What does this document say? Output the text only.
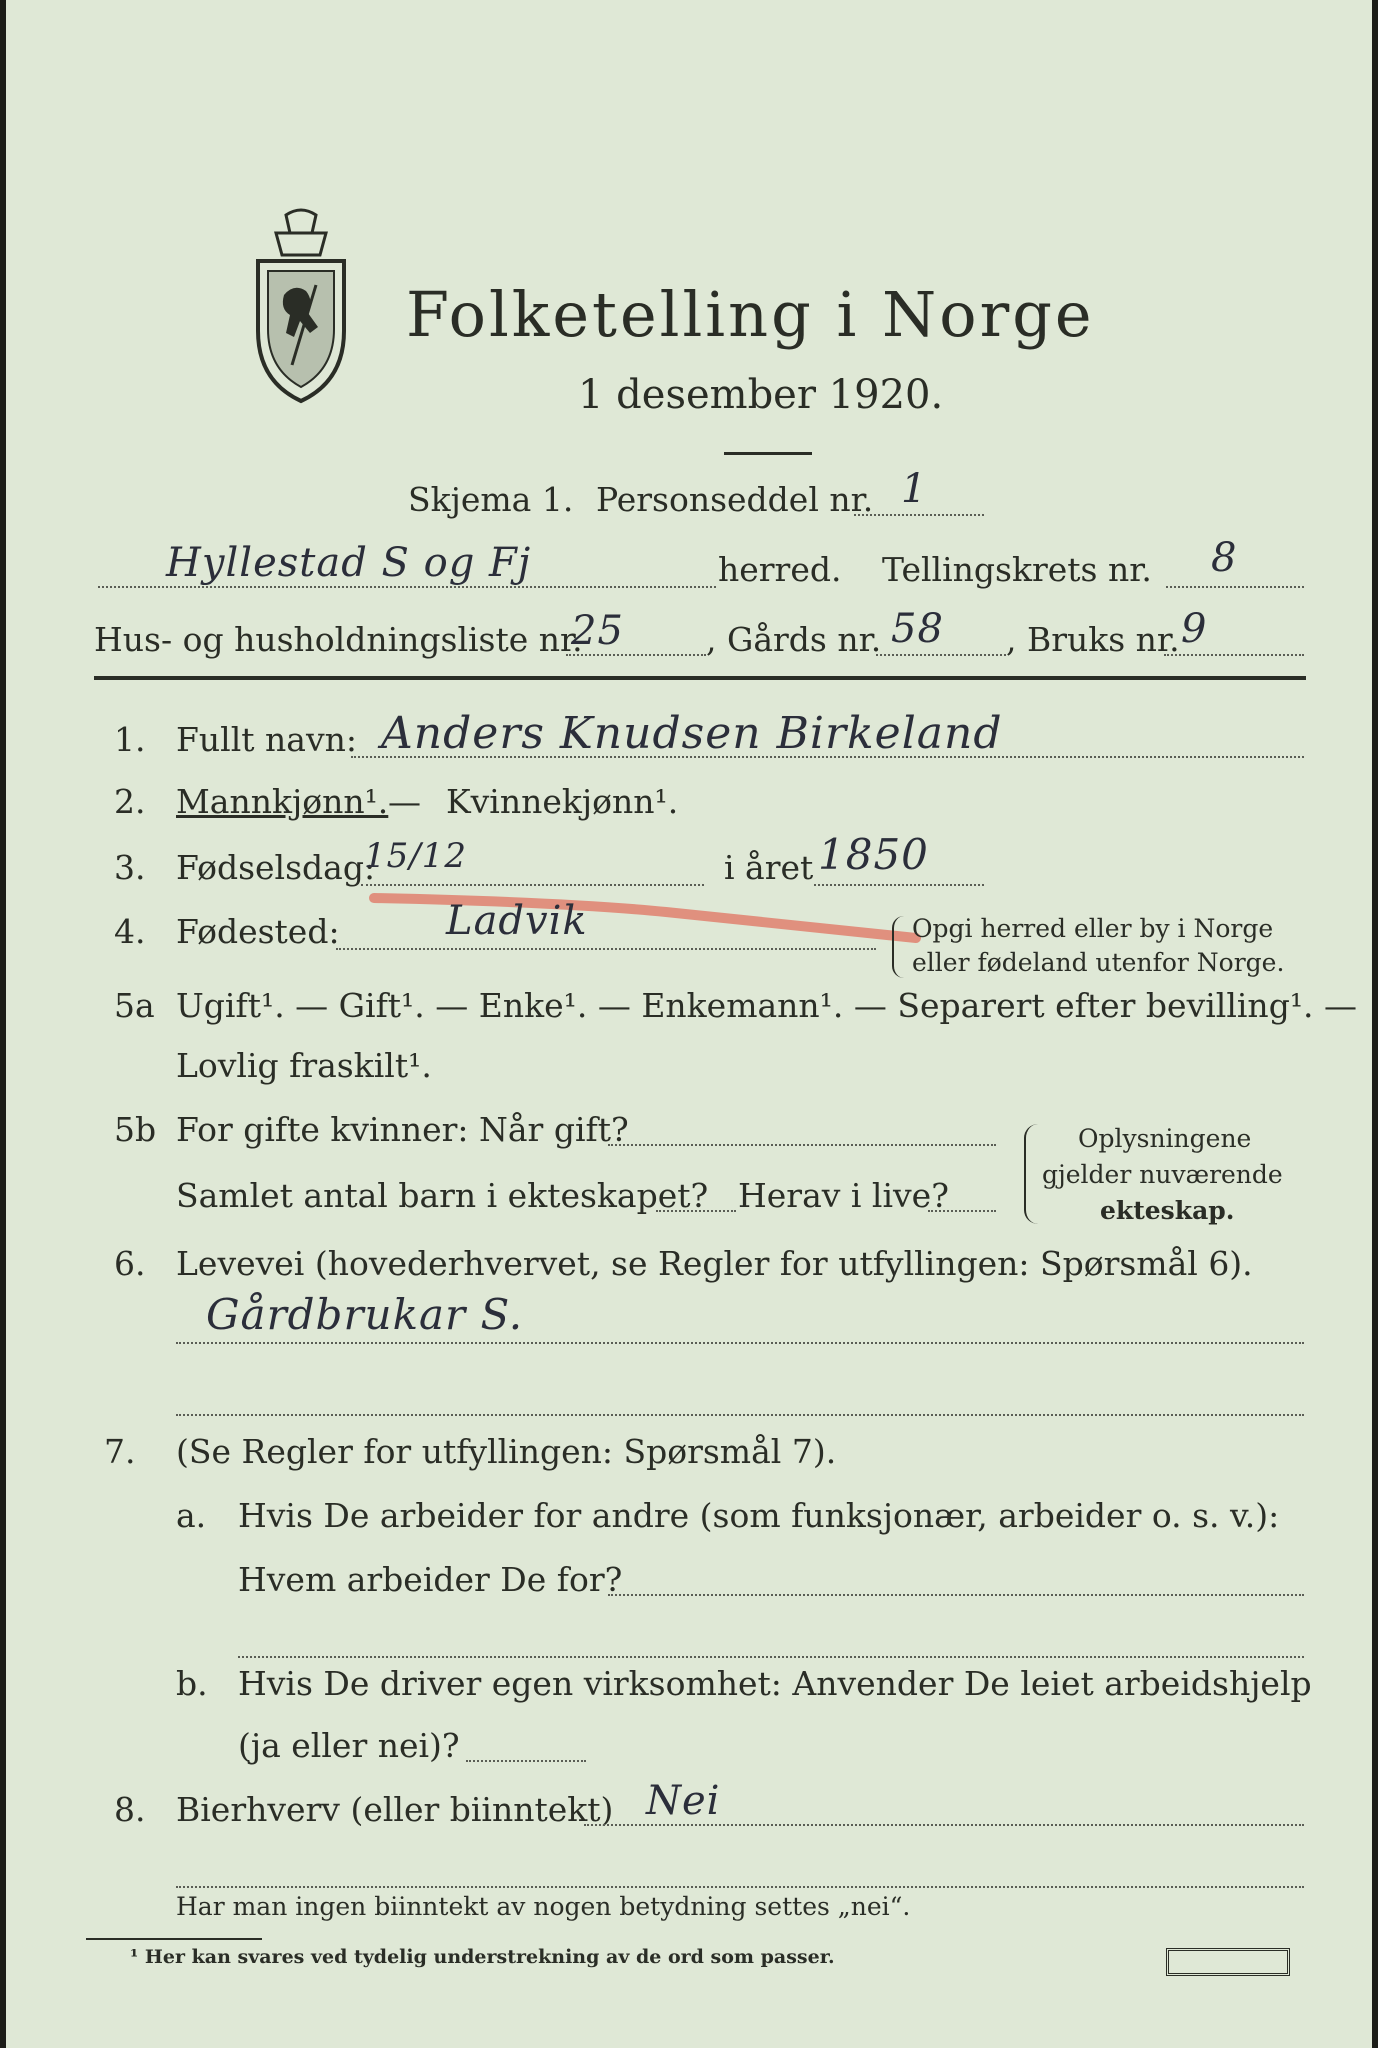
Folketelling i Norge
1 desember 1920.
Skjema 1. Personseddel nr. 1
Hyllestad S og Fj	herred. Tellingskrets nr. 8
Hus- og husholdningsliste nr.
25 , Gårds nr. 58 , Bruks nr. 9
1. Fullt navn: Anders Knudsen Birkeland
2. Mannkjønn¹. — Kvinnekjønn¹.
3. Fødselsdag:
15/12	i året 1850
4. Fødested:	Ladvik	Opgi herred eller by i Norge
eller fødeland utenfor Norge.
5a Ugift¹. — Gift¹. — Enke¹. — Enkemann¹. — Separert efter bevilling¹. —
Lovlig fraskilt¹.
5b For gifte kvinner: Når gift?
Samlet antal barn i ekteskapet? Herav i live?
Oplysningene
gjelder nuværende
ekteskap.
6. Levevei (hovederhvervet, se Regler for utfyllingen: Spørsmål 6).
Gårdbrukar S.
7. (Se Regler for utfyllingen: Spørsmål 7).
a. Hvis De arbeider for andre (som funksjonær, arbeider o. s. v.):
Hvem arbeider De for?
b. Hvis De driver egen virksomhet: Anvender De leiet arbeidshjelp
(ja eller nei)?
8. Bierhverv (eller biinntekt) Nei
Har man ingen biinntekt av nogen betydning settes „nei“.
¹ Her kan svares ved tydelig understrekning av de ord som passer.
